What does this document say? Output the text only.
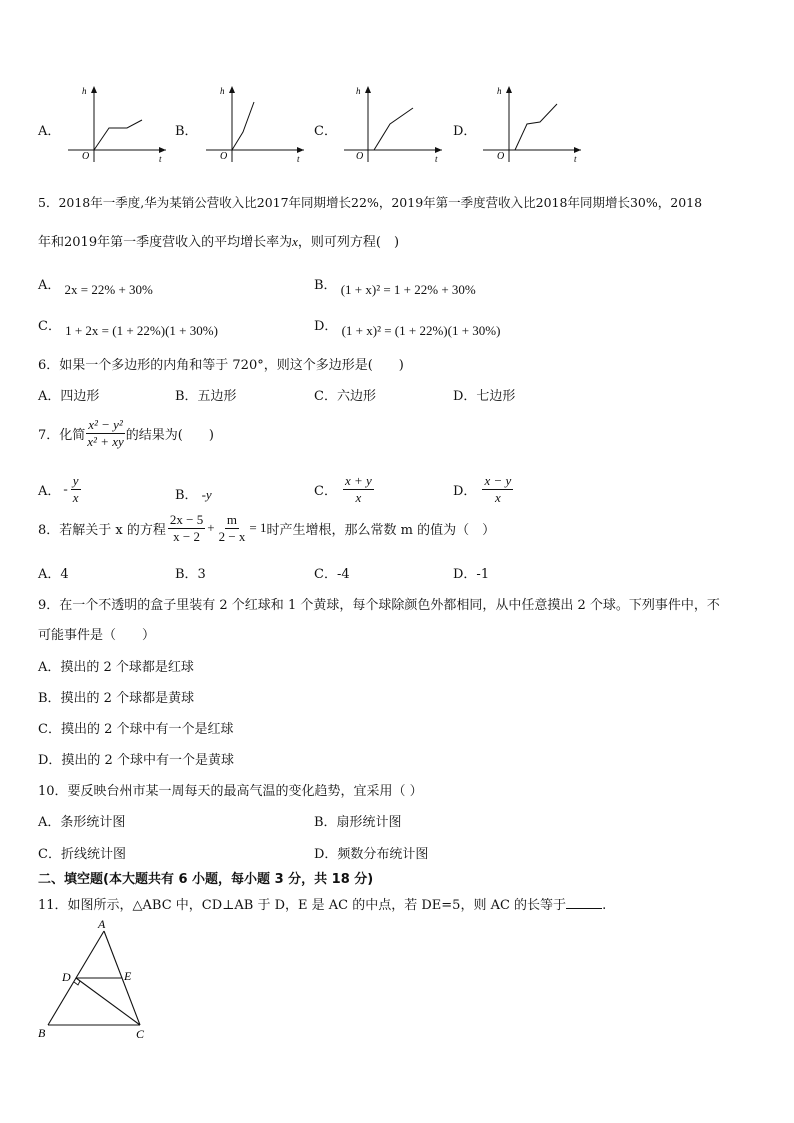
A．
h
O	t
B．
h
O	t
C．
h
O	t
D．
h
O	t
5．2018年一季度,华为某销公营收入比2017年同期增长22%，2019年第一季度营收入比2018年同期增长30%，2018
年和2019年第一季度营收入的平均增长率为x，则可列方程(　)
A． 2x = 22% + 30%	B． (1 + x)² = 1 + 22% + 30%
C． 1 + 2x = (1 + 22%)(1 + 30%)	D． (1 + x)² = (1 + 22%)(1 + 30%)
6．如果一个多边形的内角和等于 720°，则这个多边形是(　　)
A．四边形	B．五边形	C．六边形	D．七边形
7．化简 $\frac{\text{x² − y²}}{\text{x² + xy}}$ 的结果为(　　)
A． - $\frac{y}{x}$	B． -y	C． $\frac{x + y}{x}$	D． $\frac{x - y}{x}$
8．若解关于 x 的方程 $\frac{2x - 5}{x - 2} + \frac{m}{2 - x} = 1$ 时产生增根，那么常数 m 的值为（　）
A．4	B．3	C．-4	D．-1
9．在一个不透明的盒子里装有 2 个红球和 1 个黄球，每个球除颜色外都相同，从中任意摸出 2 个球。下列事件中，不
可能事件是（　　）
A．摸出的 2 个球都是红球
B．摸出的 2 个球都是黄球
C．摸出的 2 个球中有一个是红球
D．摸出的 2 个球中有一个是黄球
10．要反映台州市某一周每天的最高气温的变化趋势，宜采用（ ）
A．条形统计图	B．扇形统计图
C．折线统计图	D．频数分布统计图
二、填空题(本大题共有 6 小题，每小题 3 分，共 18 分)
11．如图所示，△ABC 中，CD⊥AB 于 D，E 是 AC 的中点，若 DE=5，则 AC 的长等于	.
A
D	E
B	C
